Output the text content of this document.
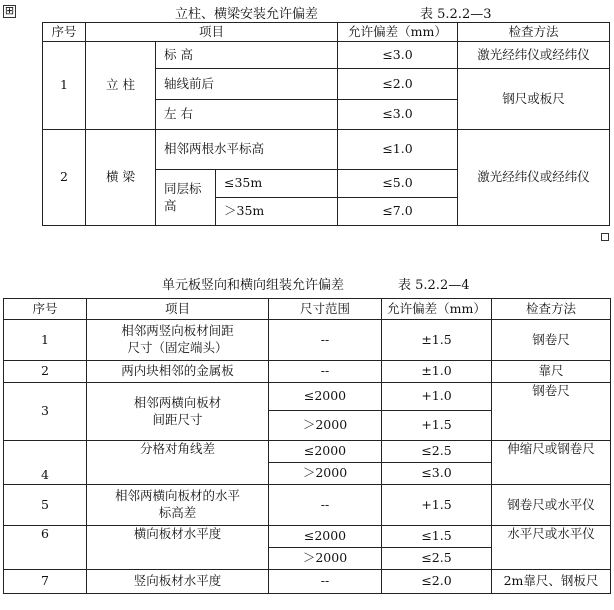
⊞	立柱、横梁安装允许偏差	表 5.2.2—3
序号	项目			允许偏差（mm）	检查方法
1	立 柱	标 高		≤3.0	激光经纬仪或经纬仪
		轴线前后		≤2.0	钢尺或板尺
		左 右		≤3.0	
2	横 梁	相邻两根水平标高		≤1.0	激光经纬仪或经纬仪
		同层标高	≤35m	≤5.0	
			＞35m	≤7.0	
单元板竖向和横向组装允许偏差	表 5.2.2—4
序号	项目	尺寸范围	允许偏差（mm）	检查方法
1	相邻两竖向板材间距
尺寸（固定端头）	--	±1.5	钢卷尺
2	两内块相邻的金属板	--	±1.0	靠尺
3	相邻两横向板材
间距尺寸	≤2000	+1.0	钢卷尺
		＞2000	+1.5	
4	分格对角线差	≤2000	≤2.5	伸缩尺或钢卷尺
		＞2000	≤3.0	
5	相邻两横向板材的水平
标高差	--	+1.5	钢卷尺或水平仪
6	横向板材水平度	≤2000	≤1.5	水平尺或水平仪
		＞2000	≤2.5	
7	竖向板材水平度	--	≤2.0	2m靠尺、钢板尺
